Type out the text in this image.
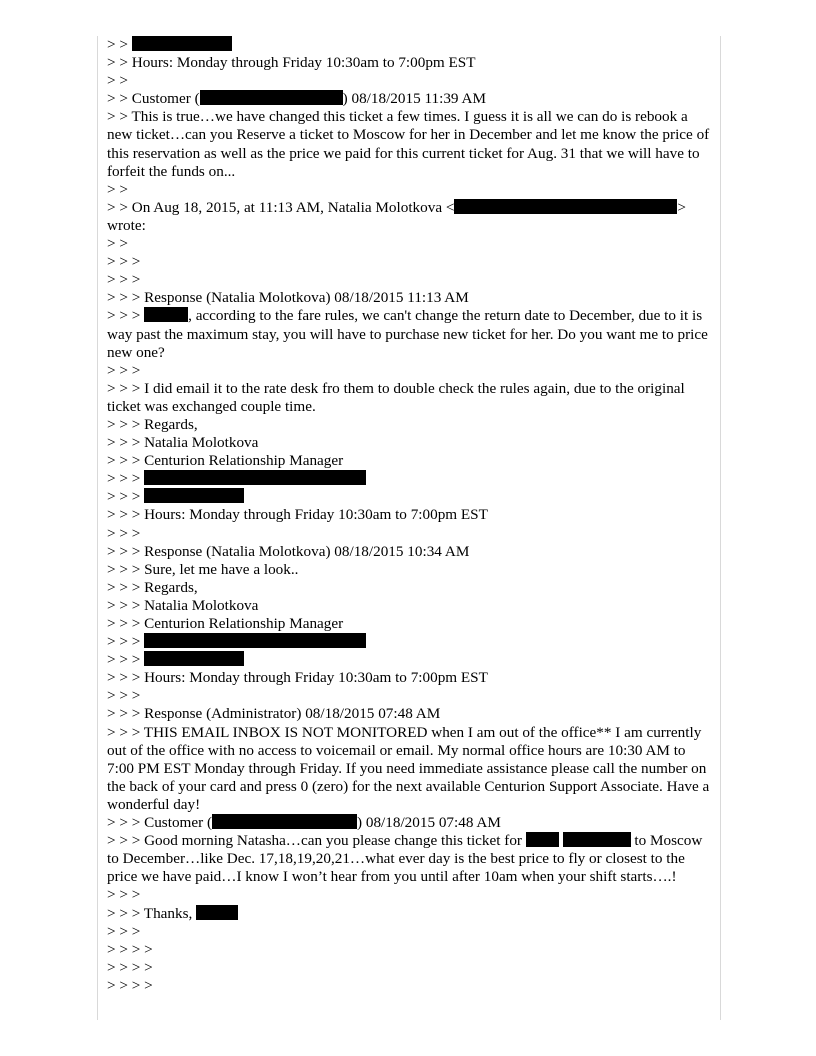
> >

> > Hours: Monday through Friday 10:30am to 7:00pm EST

> >

> > Customer (	) 08/18/2015 11:39 AM

> > This is true…we have changed this ticket a few times. I guess it is all we can do is rebook a new ticket…can you Reserve a ticket to Moscow for her in December and let me know the price of this reservation as well as the price we paid for this current ticket for Aug. 31 that we will have to forfeit the funds on...

> >

> > On Aug 18, 2015, at 11:13 AM, Natalia Molotkova <	> wrote:

> >

> > >

> > >

> > > Response (Natalia Molotkova) 08/18/2015 11:13 AM

> > >	, according to the fare rules, we can't change the return date to December, due to it is way past the maximum stay, you will have to purchase new ticket for her. Do you want me to price new one?

> > >

> > > I did email it to the rate desk fro them to double check the rules again, due to the original ticket was exchanged couple time.

> > > Regards,

> > > Natalia Molotkova

> > > Centurion Relationship Manager

> > >

> > >

> > > Hours: Monday through Friday 10:30am to 7:00pm EST

> > >

> > > Response (Natalia Molotkova) 08/18/2015 10:34 AM

> > > Sure, let me have a look..

> > > Regards,

> > > Natalia Molotkova

> > > Centurion Relationship Manager

> > >

> > >

> > > Hours: Monday through Friday 10:30am to 7:00pm EST

> > >

> > > Response (Administrator) 08/18/2015 07:48 AM

> > > THIS EMAIL INBOX IS NOT MONITORED when I am out of the office** I am currently out of the office with no access to voicemail or email. My normal office hours are 10:30 AM to 7:00 PM EST Monday through Friday. If you need immediate assistance please call the number on the back of your card and press 0 (zero) for the next available Centurion Support Associate. Have a wonderful day!

> > > Customer (	) 08/18/2015 07:48 AM

> > > Good morning Natasha…can you please change this ticket for	to Moscow to December…like Dec. 17,18,19,20,21…what ever day is the best price to fly or closest to the price we have paid…I know I won’t hear from you until after 10am when your shift starts….!

> > >

> > > Thanks,

> > >

> > > >

> > > >

> > > >
